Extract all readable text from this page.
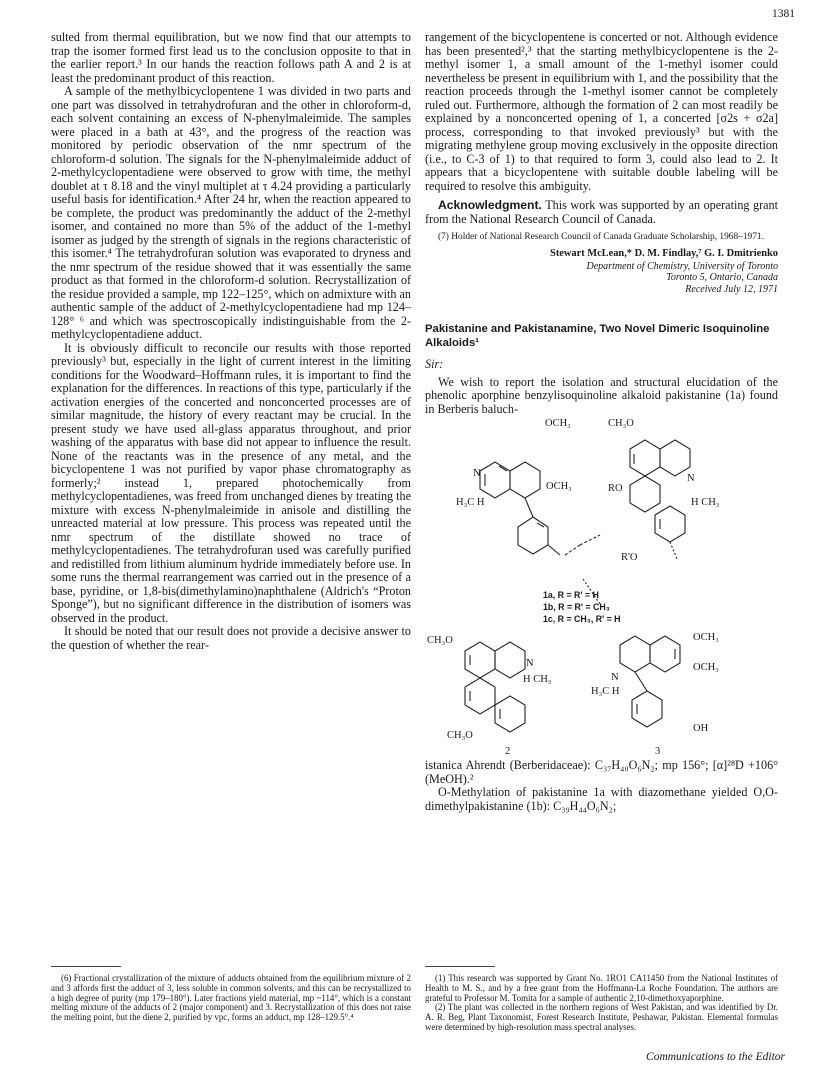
1381

sulted from thermal equilibration, but we now find that our attempts to trap the isomer formed first lead us to the conclusion opposite to that in the earlier report.³ In our hands the reaction follows path A and 2 is at least the predominant product of this reaction.

A sample of the methylbicyclopentene 1 was divided in two parts and one part was dissolved in tetrahydrofuran and the other in chloroform-d, each solvent containing an excess of N-phenylmaleimide. The samples were placed in a bath at 43°, and the progress of the reaction was monitored by periodic observation of the nmr spectrum of the chloroform-d solution. The signals for the N-phenylmaleimide adduct of 2-methylcyclopentadiene were observed to grow with time, the methyl doublet at τ 8.18 and the vinyl multiplet at τ 4.24 providing a particularly useful basis for identification.⁴ After 24 hr, when the reaction appeared to be complete, the product was predominantly the adduct of the 2-methyl isomer, and contained no more than 5% of the adduct of the 1-methyl isomer as judged by the strength of signals in the regions characteristic of this isomer.⁴ The tetrahydrofuran solution was evaporated to dryness and the nmr spectrum of the residue showed that it was essentially the same product as that formed in the chloroform-d solution. Recrystallization of the residue provided a sample, mp 122–125°, which on admixture with an authentic sample of the adduct of 2-methylcyclopentadiene had mp 124–128° ⁶ and which was spectroscopically indistinguishable from the 2-methylcyclopentadiene adduct.

It is obviously difficult to reconcile our results with those reported previously³ but, especially in the light of current interest in the limiting conditions for the Woodward–Hoffmann rules, it is important to find the explanation for the differences. In reactions of this type, particularly if the activation energies of the concerted and nonconcerted processes are of similar magnitude, the history of every reactant may be crucial. In the present study we have used all-glass apparatus throughout, and prior washing of the apparatus with base did not appear to influence the result. None of the reactants was in the presence of any metal, and the bicyclopentene 1 was not purified by vapor phase chromatography as formerly;² instead 1, prepared photochemically from methylcyclopentadienes, was freed from unchanged dienes by treating the mixture with excess N-phenylmaleimide in anisole and distilling the unreacted material at low pressure. This process was repeated until the nmr spectrum of the distillate showed no trace of methylcyclopentadienes. The tetrahydrofuran used was carefully purified and redistilled from lithium aluminum hydride immediately before use. In some runs the thermal rearrangement was carried out in the presence of a base, pyridine, or 1,8-bis(dimethylamino)naphthalene (Aldrich's “Proton Sponge”), but no significant difference in the distribution of isomers was observed in the product.

It should be noted that our result does not provide a decisive answer to the question of whether the rear-

rangement of the bicyclopentene is concerted or not. Although evidence has been presented²,³ that the starting methylbicyclopentene is the 2-methyl isomer 1, a small amount of the 1-methyl isomer could nevertheless be present in equilibrium with 1, and the possibility that the reaction proceeds through the 1-methyl isomer cannot be completely ruled out. Furthermore, although the formation of 2 can most readily be explained by a nonconcerted opening of 1, a concerted [σ2s + σ2a] process, corresponding to that invoked previously³ but with the migrating methylene group moving exclusively in the opposite direction (i.e., to C-3 of 1) to that required to form 3, could also lead to 2. It appears that a bicyclopentene with suitable double labeling will be required to resolve this ambiguity.

Acknowledgment. This work was supported by an operating grant from the National Research Council of Canada.

(7) Holder of National Research Council of Canada Graduate Scholarship, 1968–1971.

Stewart McLean,* D. M. Findlay,⁷ G. I. Dmitrienko
Department of Chemistry, University of Toronto
Toronto 5, Ontario, Canada
Received July 12, 1971
Pakistanine and Pakistanamine, Two Novel Dimeric Isoquinoline Alkaloids¹
Sir:

We wish to report the isolation and structural elucidation of the phenolic aporphine benzylisoquinoline alkaloid pakistanine (1a) found in Berberis baluch-

OCH₃	CH₃O
OCH₃	RO
H₃C H	H CH₃
R'O
N	N
1a, R = R' = H
1b, R = R' = CH₃
1c, R = CH₃, R' = H
CH₃O
N
H CH₃
CH₃O
2
OCH₃
OCH₃
N
H₃C H
OH
3

istanica Ahrendt (Berberidaceae): C₃₇H₄₀O₆N₂; mp 156°; [α]²⁸D +106° (MeOH).²

O-Methylation of pakistanine 1a with diazomethane yielded O,O-dimethylpakistanine (1b): C₃₉H₄₄O₆N₂;

(6) Fractional crystallization of the mixture of adducts obtained from the equilibrium mixture of 2 and 3 affords first the adduct of 3, less soluble in common solvents, and this can be recrystallized to a high degree of purity (mp 179–180°). Later fractions yield material, mp ~114°, which is a constant melting mixture of the adducts of 2 (major component) and 3. Recrystallization of this does not raise the melting point, but the diene 2, purified by vpc, forms an adduct, mp 128–129.5°.⁴

(1) This research was supported by Grant No. 1RO1 CA11450 from the National Institutes of Health to M. S., and by a free grant from the Hoffmann-La Roche Foundation. The authors are grateful to Professor M. Tomita for a sample of authentic 2,10-dimethoxyaporphine.

(2) The plant was collected in the northern regions of West Pakistan, and was identified by Dr. A. R. Beg, Plant Taxonomist, Forest Research Institute, Peshawar, Pakistan. Elemental formulas were determined by high-resolution mass spectral analyses.

Communications to the Editor
